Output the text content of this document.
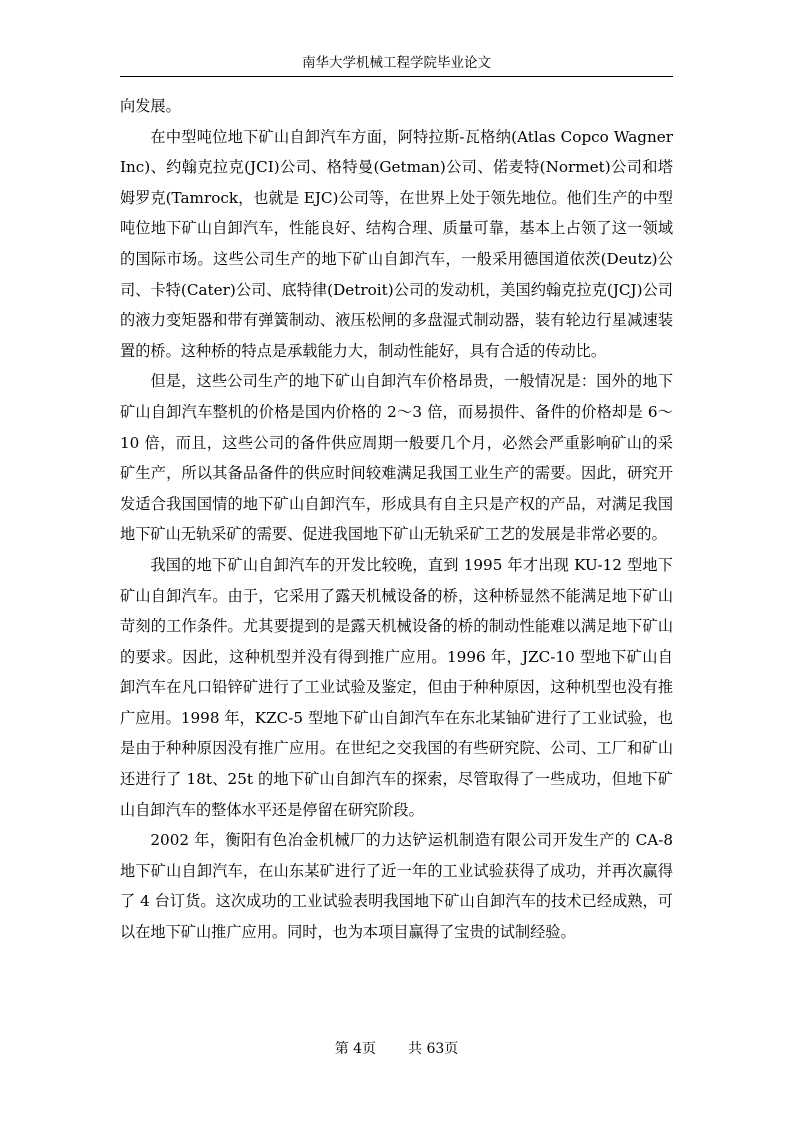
南华大学机械工程学院毕业论文

向发展。

在中型吨位地下矿山自卸汽车方面，阿特拉斯-瓦格纳(Atlas Copco Wagner Inc)、约翰克拉克(JCI)公司、格特曼(Getman)公司、偌麦特(Normet)公司和塔姆罗克(Tamrock，也就是 EJC)公司等，在世界上处于领先地位。他们生产的中型吨位地下矿山自卸汽车，性能良好、结构合理、质量可靠，基本上占领了这一领域的国际市场。这些公司生产的地下矿山自卸汽车，一般采用德国道依茨(Deutz)公司、卡特(Cater)公司、底特律(Detroit)公司的发动机，美国约翰克拉克(JCJ)公司的液力变矩器和带有弹簧制动、液压松闸的多盘湿式制动器，装有轮边行星减速装置的桥。这种桥的特点是承载能力大，制动性能好，具有合适的传动比。

但是，这些公司生产的地下矿山自卸汽车价格昂贵，一般情况是：国外的地下矿山自卸汽车整机的价格是国内价格的 2～3 倍，而易损件、备件的价格却是 6～10 倍，而且，这些公司的备件供应周期一般要几个月，必然会严重影响矿山的采矿生产，所以其备品备件的供应时间较难满足我国工业生产的需要。因此，研究开发适合我国国情的地下矿山自卸汽车，形成具有自主只是产权的产品，对满足我国地下矿山无轨采矿的需要、促进我国地下矿山无轨采矿工艺的发展是非常必要的。

我国的地下矿山自卸汽车的开发比较晚，直到 1995 年才出现 KU-12 型地下矿山自卸汽车。由于，它采用了露天机械设备的桥，这种桥显然不能满足地下矿山苛刻的工作条件。尤其要提到的是露天机械设备的桥的制动性能难以满足地下矿山的要求。因此，这种机型并没有得到推广应用。1996 年，JZC-10 型地下矿山自卸汽车在凡口铅锌矿进行了工业试验及鉴定，但由于种种原因，这种机型也没有推广应用。1998 年，KZC-5 型地下矿山自卸汽车在东北某铀矿进行了工业试验，也是由于种种原因没有推广应用。在世纪之交我国的有些研究院、公司、工厂和矿山还进行了 18t、25t 的地下矿山自卸汽车的探索，尽管取得了一些成功，但地下矿山自卸汽车的整体水平还是停留在研究阶段。

2002 年，衡阳有色冶金机械厂的力达铲运机制造有限公司开发生产的 CA-8 地下矿山自卸汽车，在山东某矿进行了近一年的工业试验获得了成功，并再次赢得了 4 台订货。这次成功的工业试验表明我国地下矿山自卸汽车的技术已经成熟，可以在地下矿山推广应用。同时，也为本项目赢得了宝贵的试制经验。

第 4页 共 63页
